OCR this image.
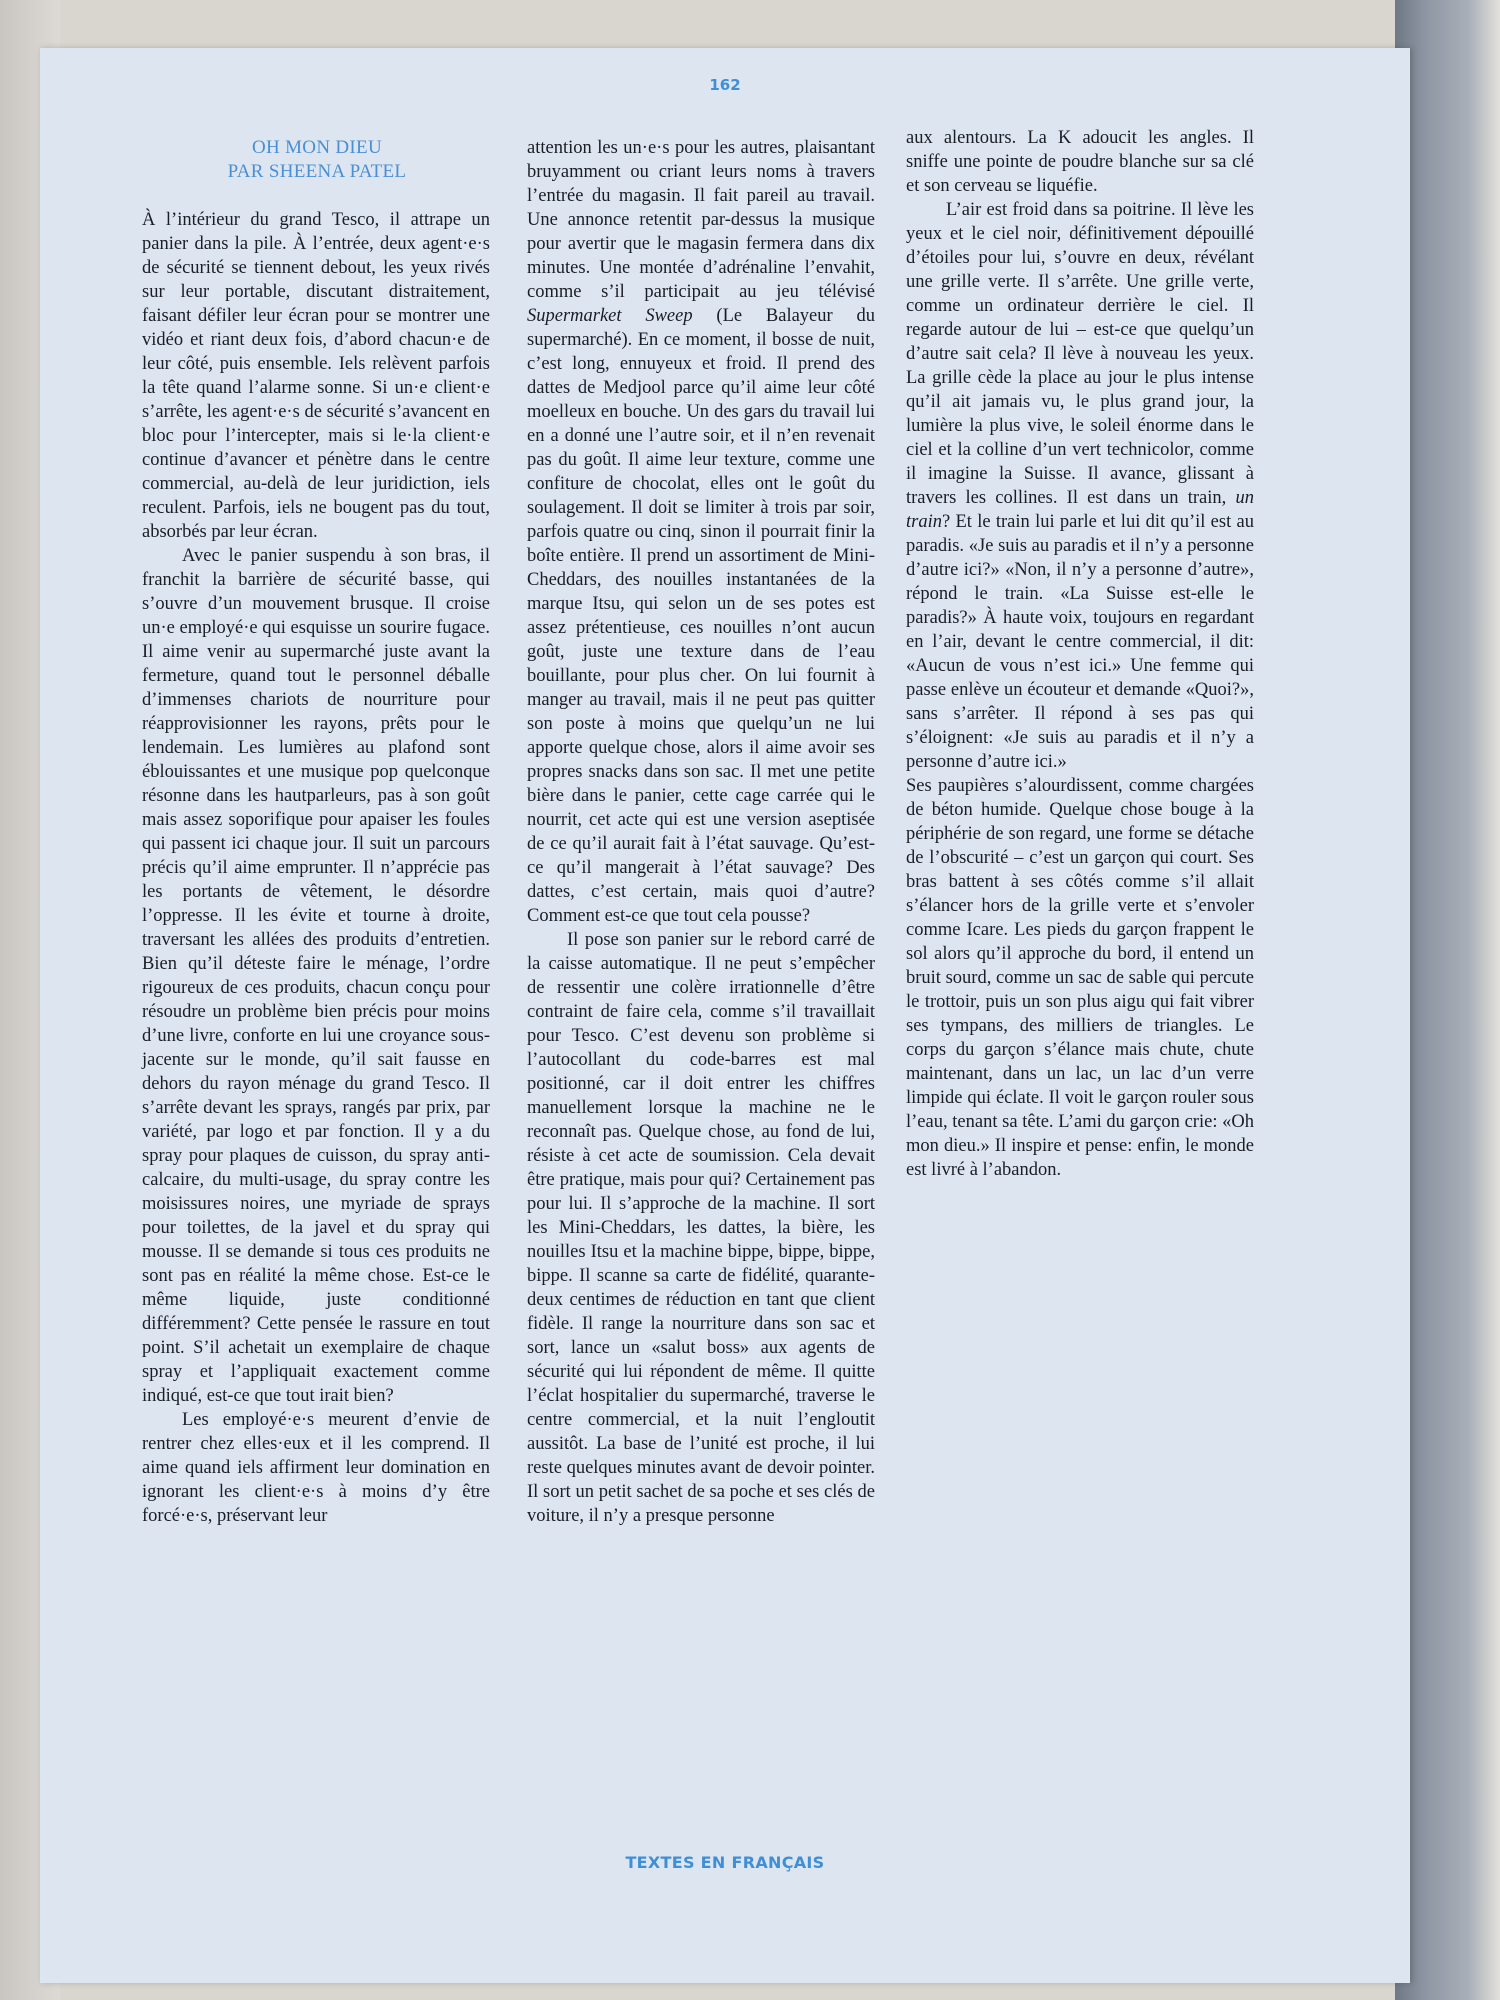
162
OH MON DIEU
PAR SHEENA PATEL

À l’intérieur du grand Tesco, il attrape un panier dans la pile. À l’entrée, deux agent·e·s de sécurité se tiennent debout, les yeux rivés sur leur portable, discutant distraitement, faisant défiler leur écran pour se montrer une vidéo et riant deux fois, d’abord chacun·e de leur côté, puis ensemble. Iels relèvent parfois la tête quand l’alarme sonne. Si un·e client·e s’arrête, les agent·e·s de sécurité s’avancent en bloc pour l’intercepter, mais si le·la client·e continue d’avancer et pénètre dans le centre commercial, au-delà de leur juridiction, iels reculent. Parfois, iels ne bougent pas du tout, absorbés par leur écran.

Avec le panier suspendu à son bras, il franchit la barrière de sécurité basse, qui s’ouvre d’un mouvement brusque. Il croise un·e employé·e qui esquisse un sourire fugace. Il aime venir au supermarché juste avant la fermeture, quand tout le personnel déballe d’immenses chariots de nourriture pour réapprovisionner les rayons, prêts pour le lendemain. Les lumières au plafond sont éblouissantes et une musique pop quelconque résonne dans les hautparleurs, pas à son goût mais assez soporifique pour apaiser les foules qui passent ici chaque jour. Il suit un parcours précis qu’il aime emprunter. Il n’apprécie pas les portants de vêtement, le désordre l’oppresse. Il les évite et tourne à droite, traversant les allées des produits d’entretien. Bien qu’il déteste faire le ménage, l’ordre rigoureux de ces produits, chacun conçu pour résoudre un problème bien précis pour moins d’une livre, conforte en lui une croyance sous-jacente sur le monde, qu’il sait fausse en dehors du rayon ménage du grand Tesco. Il s’arrête devant les sprays, rangés par prix, par variété, par logo et par fonction. Il y a du spray pour plaques de cuisson, du spray anti-calcaire, du multi-usage, du spray contre les moisissures noires, une myriade de sprays pour toilettes, de la javel et du spray qui mousse. Il se demande si tous ces produits ne sont pas en réalité la même chose. Est-ce le même liquide, juste conditionné différemment? Cette pensée le rassure en tout point. S’il achetait un exemplaire de chaque spray et l’appliquait exactement comme indiqué, est-ce que tout irait bien?

Les employé·e·s meurent d’envie de rentrer chez elles·eux et il les comprend. Il aime quand iels affirment leur domination en ignorant les client·e·s à moins d’y être forcé·e·s, préservant leur

attention les un·e·s pour les autres, plaisantant bruyamment ou criant leurs noms à travers l’entrée du magasin. Il fait pareil au travail. Une annonce retentit par-dessus la musique pour avertir que le magasin fermera dans dix minutes. Une montée d’adrénaline l’envahit, comme s’il participait au jeu télévisé Supermarket Sweep (Le Balayeur du supermarché). En ce moment, il bosse de nuit, c’est long, ennuyeux et froid. Il prend des dattes de Medjool parce qu’il aime leur côté moelleux en bouche. Un des gars du travail lui en a donné une l’autre soir, et il n’en revenait pas du goût. Il aime leur texture, comme une confiture de chocolat, elles ont le goût du soulagement. Il doit se limiter à trois par soir, parfois quatre ou cinq, sinon il pourrait finir la boîte entière. Il prend un assortiment de Mini-Cheddars, des nouilles instantanées de la marque Itsu, qui selon un de ses potes est assez prétentieuse, ces nouilles n’ont aucun goût, juste une texture dans de l’eau bouillante, pour plus cher. On lui fournit à manger au travail, mais il ne peut pas quitter son poste à moins que quelqu’un ne lui apporte quelque chose, alors il aime avoir ses propres snacks dans son sac. Il met une petite bière dans le panier, cette cage carrée qui le nourrit, cet acte qui est une version aseptisée de ce qu’il aurait fait à l’état sauvage. Qu’est-ce qu’il mangerait à l’état sauvage? Des dattes, c’est certain, mais quoi d’autre? Comment est-ce que tout cela pousse?

Il pose son panier sur le rebord carré de la caisse automatique. Il ne peut s’empêcher de ressentir une colère irrationnelle d’être contraint de faire cela, comme s’il travaillait pour Tesco. C’est devenu son problème si l’autocollant du code-barres est mal positionné, car il doit entrer les chiffres manuellement lorsque la machine ne le reconnaît pas. Quelque chose, au fond de lui, résiste à cet acte de soumission. Cela devait être pratique, mais pour qui? Certainement pas pour lui. Il s’approche de la machine. Il sort les Mini-Cheddars, les dattes, la bière, les nouilles Itsu et la machine bippe, bippe, bippe, bippe. Il scanne sa carte de fidélité, quarante-deux centimes de réduction en tant que client fidèle. Il range la nourriture dans son sac et sort, lance un «salut boss» aux agents de sécurité qui lui répondent de même. Il quitte l’éclat hospitalier du supermarché, traverse le centre commercial, et la nuit l’engloutit aussitôt. La base de l’unité est proche, il lui reste quelques minutes avant de devoir pointer. Il sort un petit sachet de sa poche et ses clés de voiture, il n’y a presque personne

aux alentours. La K adoucit les angles. Il sniffe une pointe de poudre blanche sur sa clé et son cerveau se liquéfie.

L’air est froid dans sa poitrine. Il lève les yeux et le ciel noir, définitivement dépouillé d’étoiles pour lui, s’ouvre en deux, révélant une grille verte. Il s’arrête. Une grille verte, comme un ordinateur derrière le ciel. Il regarde autour de lui – est-ce que quelqu’un d’autre sait cela? Il lève à nouveau les yeux. La grille cède la place au jour le plus intense qu’il ait jamais vu, le plus grand jour, la lumière la plus vive, le soleil énorme dans le ciel et la colline d’un vert technicolor, comme il imagine la Suisse. Il avance, glissant à travers les collines. Il est dans un train, un train? Et le train lui parle et lui dit qu’il est au paradis. «Je suis au paradis et il n’y a personne d’autre ici?» «Non, il n’y a personne d’autre», répond le train. «La Suisse est-elle le paradis?» À haute voix, toujours en regardant en l’air, devant le centre commercial, il dit: «Aucun de vous n’est ici.» Une femme qui passe enlève un écouteur et demande «Quoi?», sans s’arrêter. Il répond à ses pas qui s’éloignent: «Je suis au paradis et il n’y a personne d’autre ici.»

Ses paupières s’alourdissent, comme chargées de béton humide. Quelque chose bouge à la périphérie de son regard, une forme se détache de l’obscurité – c’est un garçon qui court. Ses bras battent à ses côtés comme s’il allait s’élancer hors de la grille verte et s’envoler comme Icare. Les pieds du garçon frappent le sol alors qu’il approche du bord, il entend un bruit sourd, comme un sac de sable qui percute le trottoir, puis un son plus aigu qui fait vibrer ses tympans, des milliers de triangles. Le corps du garçon s’élance mais chute, chute maintenant, dans un lac, un lac d’un verre limpide qui éclate. Il voit le garçon rouler sous l’eau, tenant sa tête. L’ami du garçon crie: «Oh mon dieu.» Il inspire et pense: enfin, le monde est livré à l’abandon.

TEXTES EN FRANÇAIS
